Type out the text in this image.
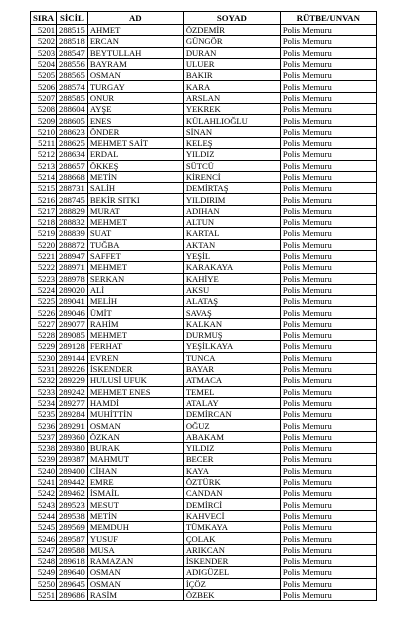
SIRA	SİCİL	AD	SOYAD	RÜTBE/UNVAN
5201	288515	AHMET	ÖZDEMİR	Polis Memuru
5202	288518	ERCAN	GÜNGÖR	Polis Memuru
5203	288547	BEYTULLAH	DURAN	Polis Memuru
5204	288556	BAYRAM	ULUER	Polis Memuru
5205	288565	OSMAN	BAKIR	Polis Memuru
5206	288574	TURGAY	KARA	Polis Memuru
5207	288585	ONUR	ARSLAN	Polis Memuru
5208	288604	AYŞE	YEKREK	Polis Memuru
5209	288605	ENES	KÜLAHLIOĞLU	Polis Memuru
5210	288623	ÖNDER	SİNAN	Polis Memuru
5211	288625	MEHMET SAİT	KELEŞ	Polis Memuru
5212	288634	ERDAL	YILDIZ	Polis Memuru
5213	288657	ÖKKEŞ	SÜTCÜ	Polis Memuru
5214	288668	METİN	KİRENCİ	Polis Memuru
5215	288731	SALİH	DEMİRTAŞ	Polis Memuru
5216	288745	BEKİR SITKI	YILDIRIM	Polis Memuru
5217	288829	MURAT	ADIHAN	Polis Memuru
5218	288832	MEHMET	ALTUN	Polis Memuru
5219	288839	SUAT	KARTAL	Polis Memuru
5220	288872	TUĞBA	AKTAN	Polis Memuru
5221	288947	SAFFET	YEŞİL	Polis Memuru
5222	288971	MEHMET	KARAKAYA	Polis Memuru
5223	288978	SERKAN	KAHİYE	Polis Memuru
5224	289020	ALİ	AKSU	Polis Memuru
5225	289041	MELİH	ALATAŞ	Polis Memuru
5226	289046	ÜMİT	SAVAŞ	Polis Memuru
5227	289077	RAHİM	KALKAN	Polis Memuru
5228	289085	MEHMET	DURMUŞ	Polis Memuru
5229	289128	FERHAT	YEŞİLKAYA	Polis Memuru
5230	289144	EVREN	TUNCA	Polis Memuru
5231	289226	İSKENDER	BAYAR	Polis Memuru
5232	289229	HULUSİ UFUK	ATMACA	Polis Memuru
5233	289242	MEHMET ENES	TEMEL	Polis Memuru
5234	289277	HAMDİ	ATALAY	Polis Memuru
5235	289284	MUHİTTİN	DEMİRCAN	Polis Memuru
5236	289291	OSMAN	OĞUZ	Polis Memuru
5237	289360	ÖZKAN	ABAKAM	Polis Memuru
5238	289380	BURAK	YILDIZ	Polis Memuru
5239	289387	MAHMUT	BECER	Polis Memuru
5240	289400	CİHAN	KAYA	Polis Memuru
5241	289442	EMRE	ÖZTÜRK	Polis Memuru
5242	289462	İSMAİL	CANDAN	Polis Memuru
5243	289523	MESUT	DEMİRCİ	Polis Memuru
5244	289538	METİN	KAHVECİ	Polis Memuru
5245	289569	MEMDUH	TÜMKAYA	Polis Memuru
5246	289587	YUSUF	ÇOLAK	Polis Memuru
5247	289588	MUSA	ARIKCAN	Polis Memuru
5248	289618	RAMAZAN	İSKENDER	Polis Memuru
5249	289640	OSMAN	ADIGÜZEL	Polis Memuru
5250	289645	OSMAN	İÇÖZ	Polis Memuru
5251	289686	RASİM	ÖZBEK	Polis Memuru
